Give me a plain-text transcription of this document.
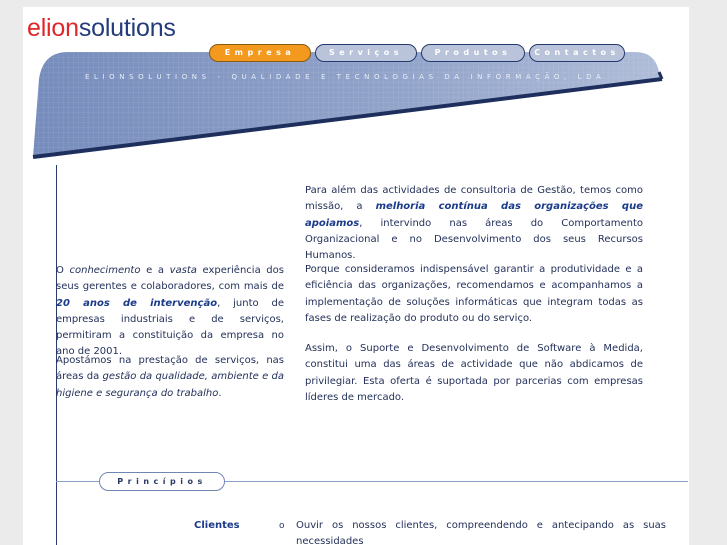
ELIONSOLUTIONS - QUALIDADE E TECNOLOGIAS DA INFORMAÇÃO, LDA
Empresa	Serviços	Produtos	Contactos
O conhecimento e a vasta experiência dos seus gerentes e colaboradores, com mais de 20 anos de intervenção, junto de empresas industriais e de serviços, permitiram a constituição da empresa no ano de 2001.
Apostámos na prestação de serviços, nas áreas da gestão da qualidade, ambiente e da higiene e segurança do trabalho.
Para além das actividades de consultoria de Gestão, temos como missão, a melhoria contínua das organizações que apoiamos, intervindo nas áreas do Comportamento Organizacional e no Desenvolvimento dos seus Recursos Humanos.
Porque consideramos indispensável garantir a produtividade e a eficiência das organizações, recomendamos e acompanhamos a implementação de soluções informáticas que integram todas as fases de realização do produto ou do serviço.
Assim, o Suporte e Desenvolvimento de Software à Medida, constitui uma das áreas de actividade que não abdicamos de privilegiar. Esta oferta é suportada por parcerias com empresas líderes de mercado.
Princípios
Clientes	o Ouvir os nossos clientes, compreendendo e antecipando as suas necessidades
elionsolutions
